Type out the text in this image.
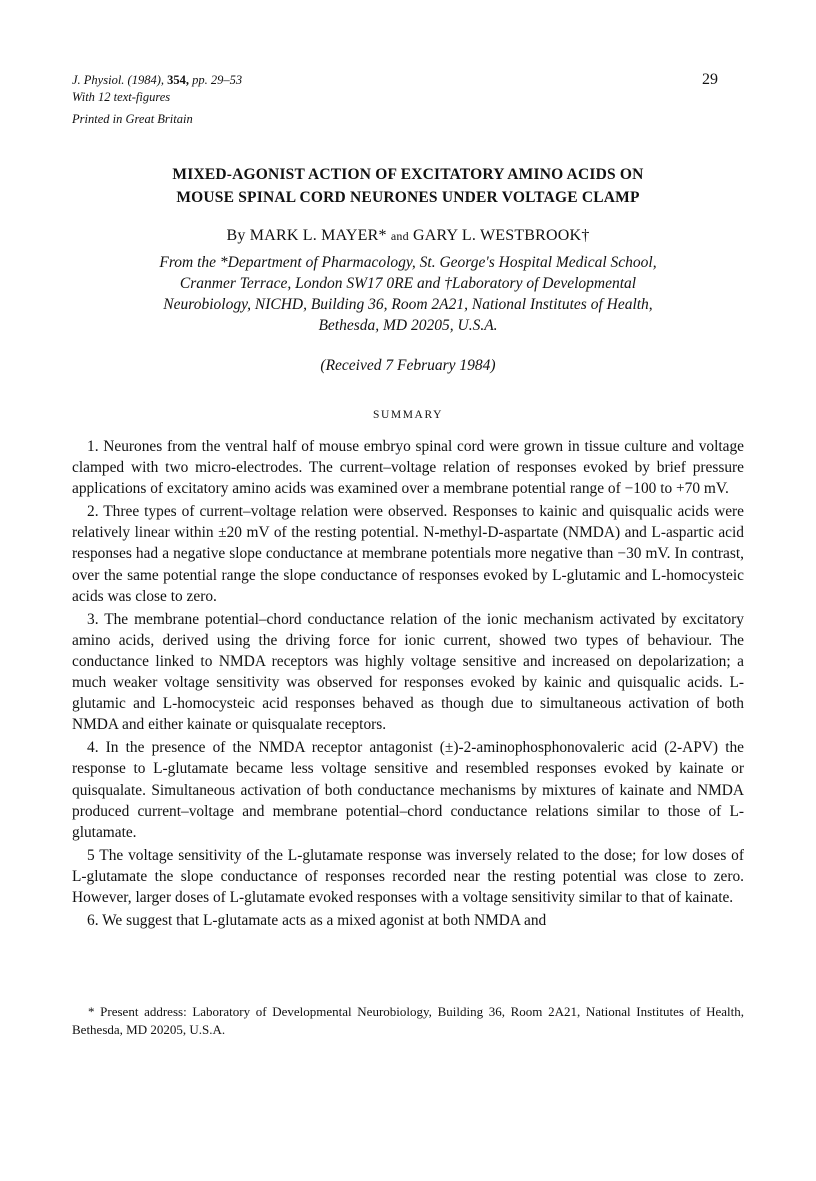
J. Physiol. (1984), 354, pp. 29–53
With 12 text-figures
Printed in Great Britain
29
MIXED-AGONIST ACTION OF EXCITATORY AMINO ACIDS ON
MOUSE SPINAL CORD NEURONES UNDER VOLTAGE CLAMP
By MARK L. MAYER* and GARY L. WESTBROOK†
From the *Department of Pharmacology, St. George's Hospital Medical School,
Cranmer Terrace, London SW17 0RE and †Laboratory of Developmental
Neurobiology, NICHD, Building 36, Room 2A21, National Institutes of Health,
Bethesda, MD 20205, U.S.A.
(Received 7 February 1984)
SUMMARY

1. Neurones from the ventral half of mouse embryo spinal cord were grown in tissue culture and voltage clamped with two micro-electrodes. The current–voltage relation of responses evoked by brief pressure applications of excitatory amino acids was examined over a membrane potential range of −100 to +70 mV.

2. Three types of current–voltage relation were observed. Responses to kainic and quisqualic acids were relatively linear within ±20 mV of the resting potential. N-methyl-D-aspartate (NMDA) and L-aspartic acid responses had a negative slope conductance at membrane potentials more negative than −30 mV. In contrast, over the same potential range the slope conductance of responses evoked by L-glutamic and L-homocysteic acids was close to zero.

3. The membrane potential–chord conductance relation of the ionic mechanism activated by excitatory amino acids, derived using the driving force for ionic current, showed two types of behaviour. The conductance linked to NMDA receptors was highly voltage sensitive and increased on depolarization; a much weaker voltage sensitivity was observed for responses evoked by kainic and quisqualic acids. L-glutamic and L-homocysteic acid responses behaved as though due to simultaneous activation of both NMDA and either kainate or quisqualate receptors.

4. In the presence of the NMDA receptor antagonist (±)-2-aminophosphonovaleric acid (2-APV) the response to L-glutamate became less voltage sensitive and resembled responses evoked by kainate or quisqualate. Simultaneous activation of both conductance mechanisms by mixtures of kainate and NMDA produced current–voltage and membrane potential–chord conductance relations similar to those of L-glutamate.

5 The voltage sensitivity of the L-glutamate response was inversely related to the dose; for low doses of L-glutamate the slope conductance of responses recorded near the resting potential was close to zero. However, larger doses of L-glutamate evoked responses with a voltage sensitivity similar to that of kainate.

6. We suggest that L-glutamate acts as a mixed agonist at both NMDA and

* Present address: Laboratory of Developmental Neurobiology, Building 36, Room 2A21, National Institutes of Health, Bethesda, MD 20205, U.S.A.
